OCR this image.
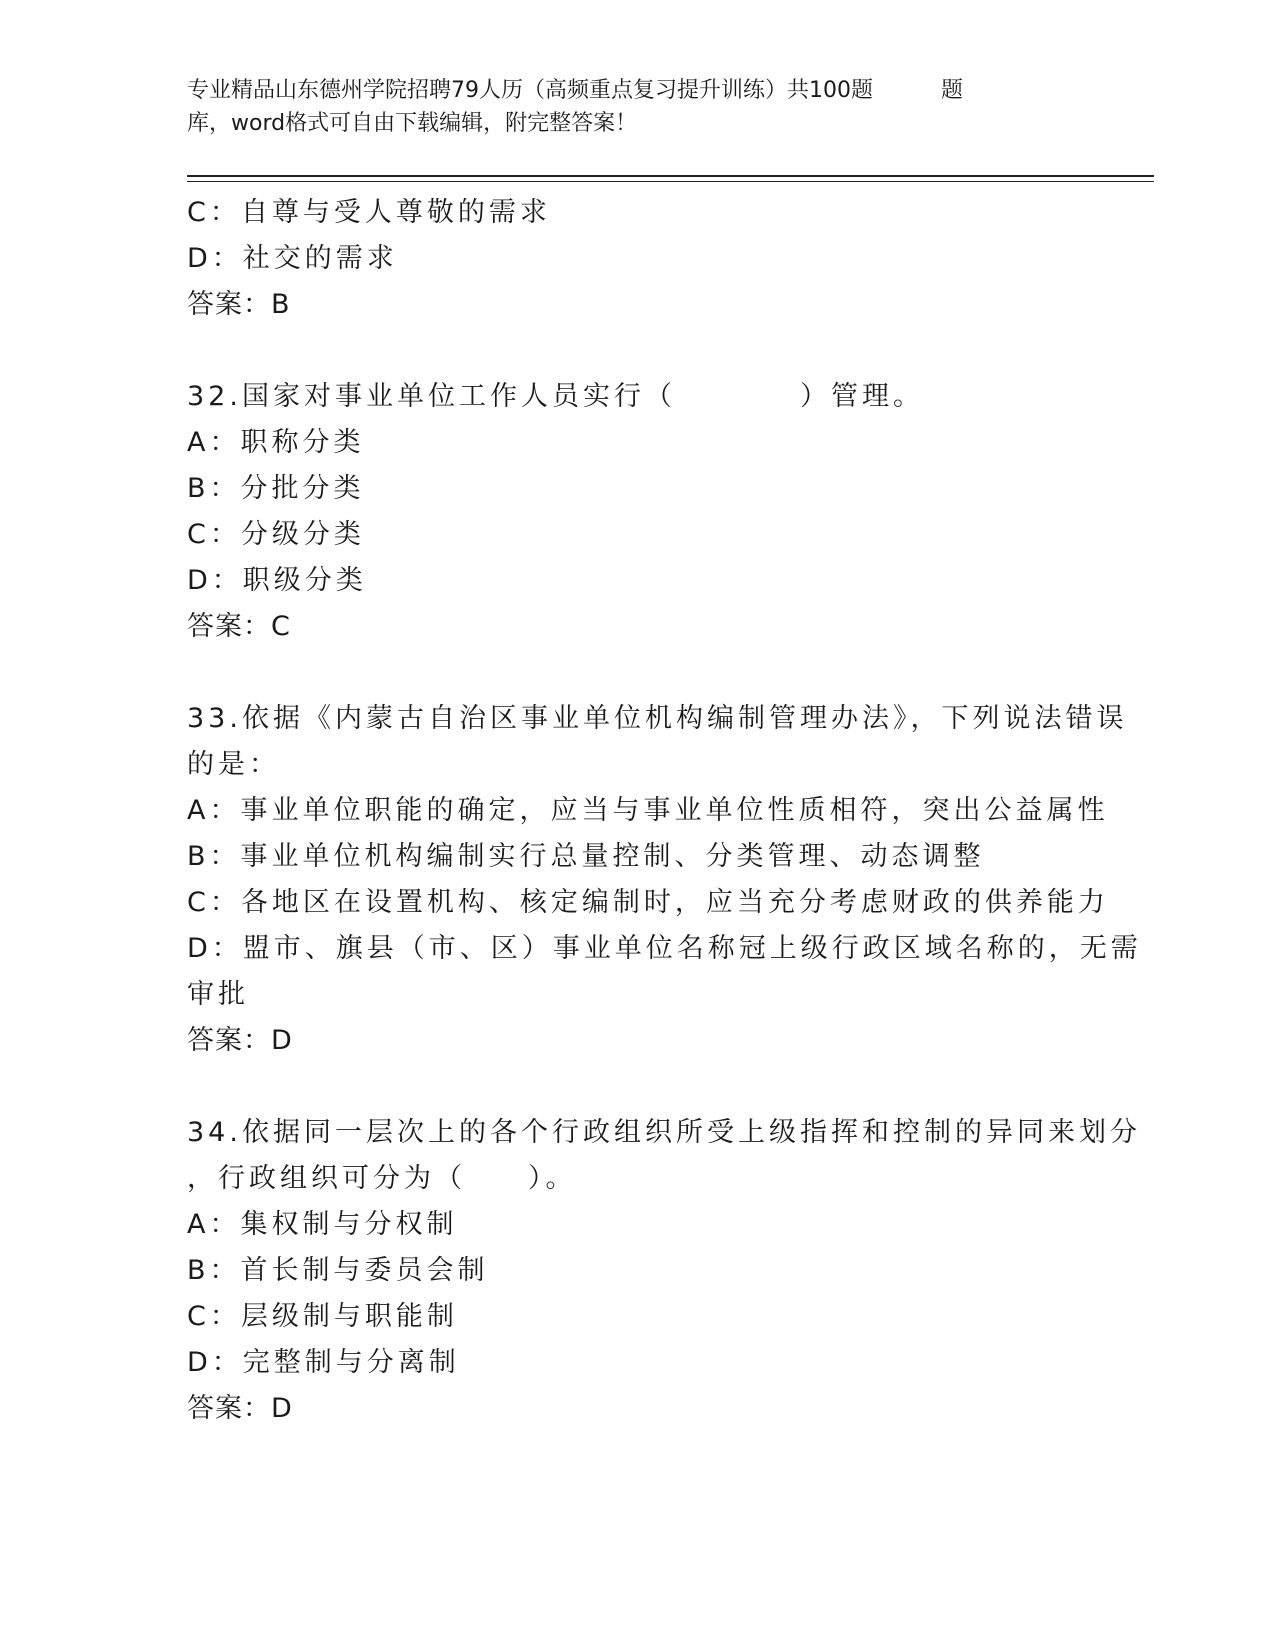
专业精品山东德州学院招聘79人历（高频重点复习提升训练）共100题	题
库，word格式可自由下载编辑，附完整答案！
C：自尊与受人尊敬的需求
D：社交的需求
答案：B
32.国家对事业单位工作人员实行（　　　　）管理。
A：职称分类
B：分批分类
C：分级分类
D：职级分类
答案：C
33.依据《内蒙古自治区事业单位机构编制管理办法》，下列说法错误
的是：
A：事业单位职能的确定，应当与事业单位性质相符，突出公益属性
B：事业单位机构编制实行总量控制、分类管理、动态调整
C：各地区在设置机构、核定编制时，应当充分考虑财政的供养能力
D：盟市、旗县（市、区）事业单位名称冠上级行政区域名称的，无需
审批
答案：D
34.依据同一层次上的各个行政组织所受上级指挥和控制的异同来划分
，行政组织可分为（　　）。
A：集权制与分权制
B：首长制与委员会制
C：层级制与职能制
D：完整制与分离制
答案：D
